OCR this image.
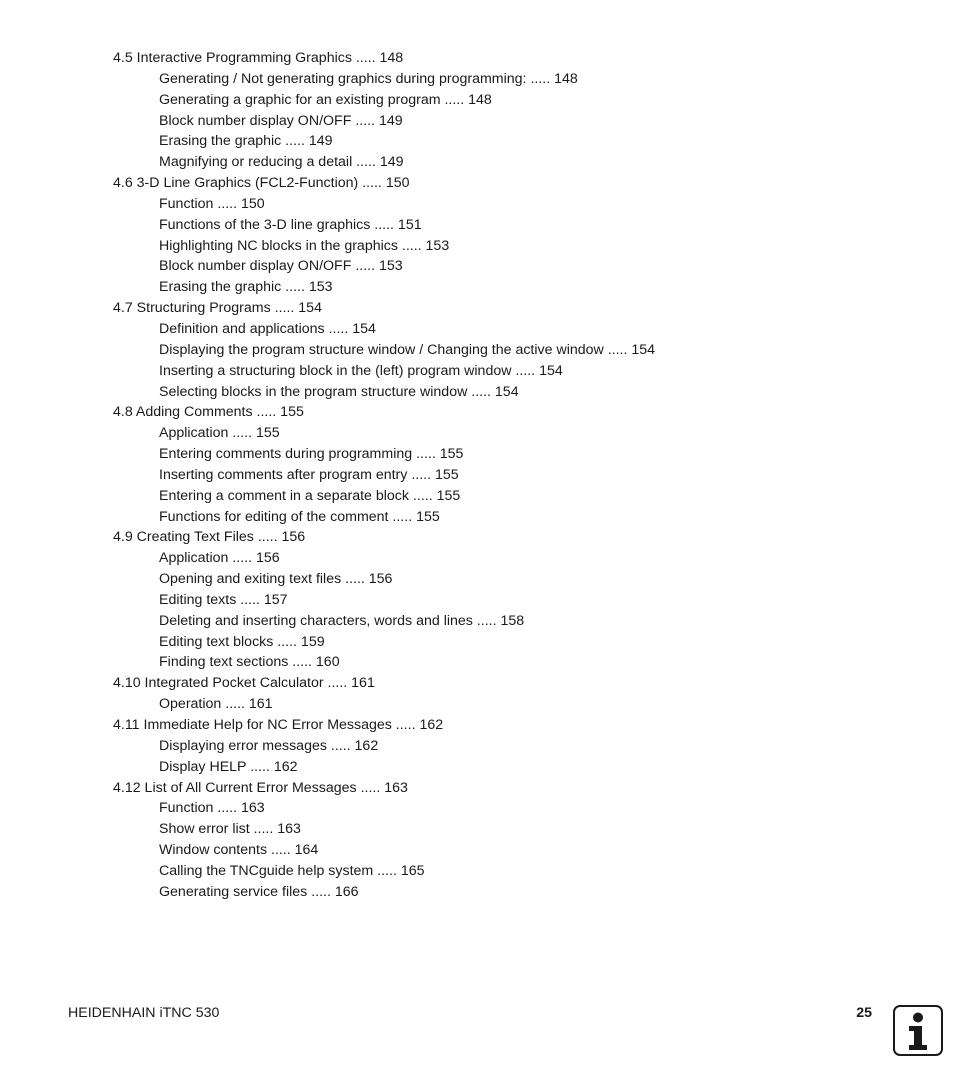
4.5 Interactive Programming Graphics ..... 148
Generating / Not generating graphics during programming: ..... 148
Generating a graphic for an existing program ..... 148
Block number display ON/OFF ..... 149
Erasing the graphic ..... 149
Magnifying or reducing a detail ..... 149
4.6 3-D Line Graphics (FCL2-Function) ..... 150
Function ..... 150
Functions of the 3-D line graphics ..... 151
Highlighting NC blocks in the graphics ..... 153
Block number display ON/OFF ..... 153
Erasing the graphic ..... 153
4.7 Structuring Programs ..... 154
Definition and applications ..... 154
Displaying the program structure window / Changing the active window ..... 154
Inserting a structuring block in the (left) program window ..... 154
Selecting blocks in the program structure window ..... 154
4.8 Adding Comments ..... 155
Application ..... 155
Entering comments during programming ..... 155
Inserting comments after program entry ..... 155
Entering a comment in a separate block ..... 155
Functions for editing of the comment ..... 155
4.9 Creating Text Files ..... 156
Application ..... 156
Opening and exiting text files ..... 156
Editing texts ..... 157
Deleting and inserting characters, words and lines ..... 158
Editing text blocks ..... 159
Finding text sections ..... 160
4.10 Integrated Pocket Calculator ..... 161
Operation ..... 161
4.11 Immediate Help for NC Error Messages ..... 162
Displaying error messages ..... 162
Display HELP ..... 162
4.12 List of All Current Error Messages ..... 163
Function ..... 163
Show error list ..... 163
Window contents ..... 164
Calling the TNCguide help system ..... 165
Generating service files ..... 166
HEIDENHAIN iTNC 530	25
